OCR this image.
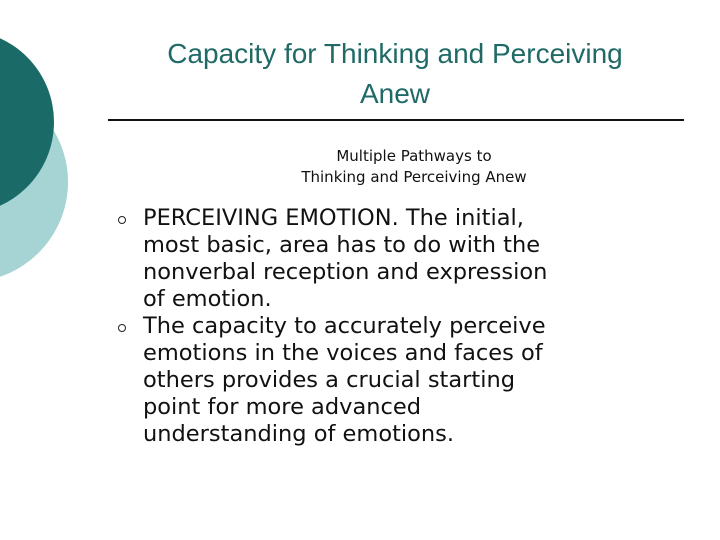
Capacity for Thinking and Perceiving
Anew
Multiple Pathways to
Thinking and Perceiving Anew
PERCEIVING EMOTION. The initial,
most basic, area has to do with the
nonverbal reception and expression
of emotion.
The capacity to accurately perceive
emotions in the voices and faces of
others provides a crucial starting
point for more advanced
understanding of emotions.
